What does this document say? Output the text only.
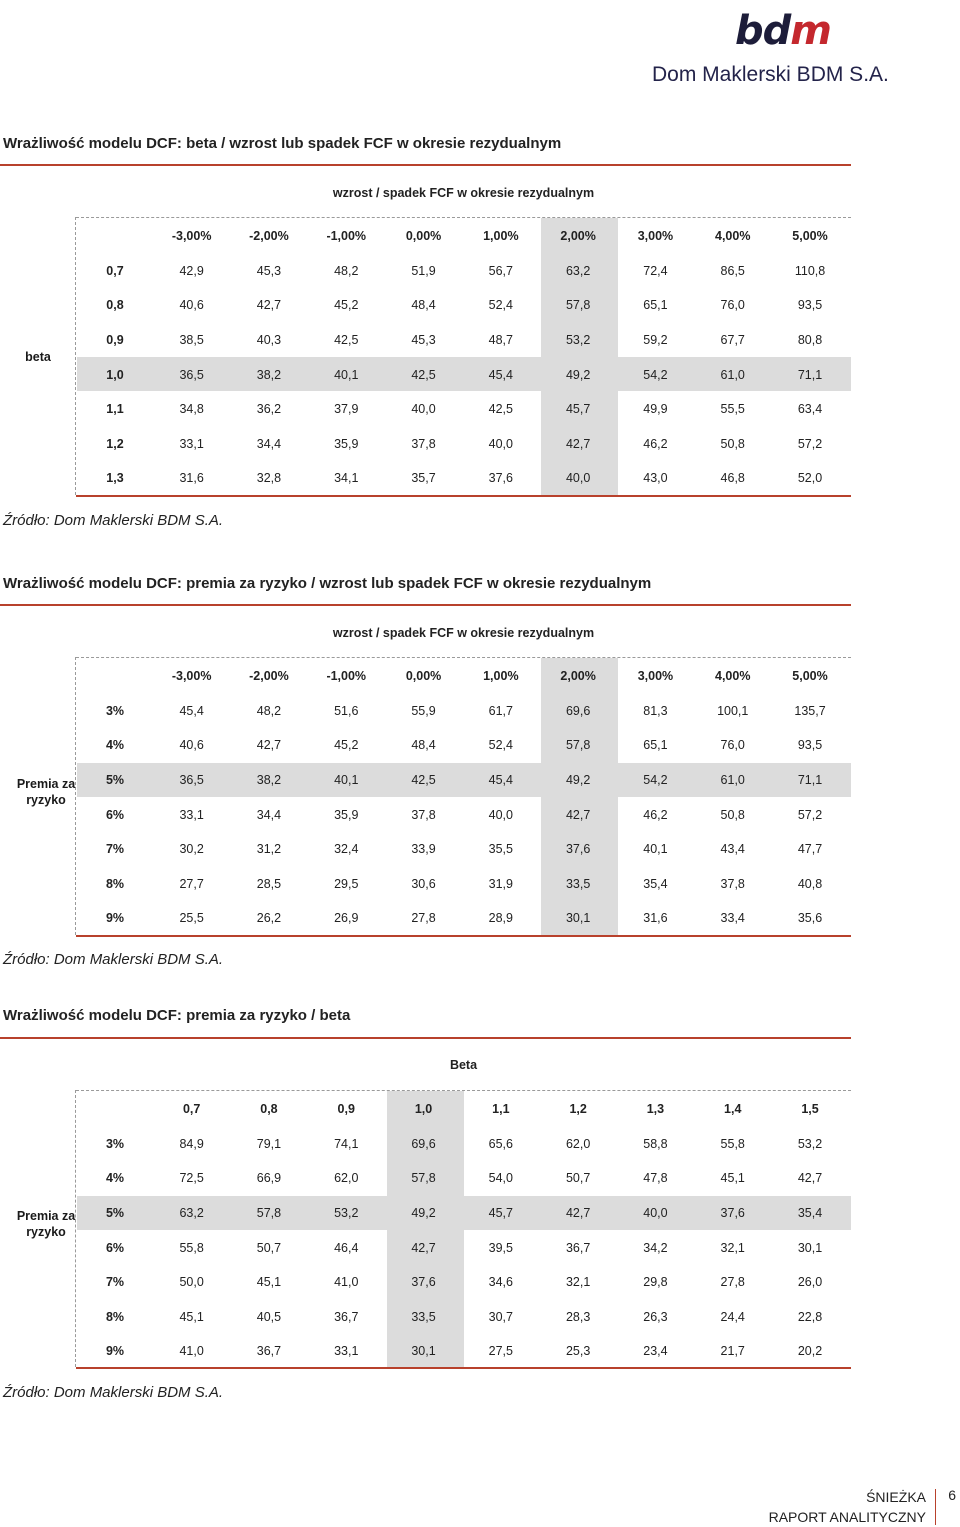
bdm
Dom Maklerski BDM S.A.
Wrażliwość modelu DCF: beta / wzrost lub spadek FCF w okresie rezydualnym
wzrost / spadek FCF w okresie rezydualnym
beta
	-3,00%	-2,00%	-1,00%	0,00%	1,00%	2,00%	3,00%	4,00%	5,00%
0,7	42,9	45,3	48,2	51,9	56,7	63,2	72,4	86,5	110,8
0,8	40,6	42,7	45,2	48,4	52,4	57,8	65,1	76,0	93,5
0,9	38,5	40,3	42,5	45,3	48,7	53,2	59,2	67,7	80,8
1,0	36,5	38,2	40,1	42,5	45,4	49,2	54,2	61,0	71,1
1,1	34,8	36,2	37,9	40,0	42,5	45,7	49,9	55,5	63,4
1,2	33,1	34,4	35,9	37,8	40,0	42,7	46,2	50,8	57,2
1,3	31,6	32,8	34,1	35,7	37,6	40,0	43,0	46,8	52,0
Źródło: Dom Maklerski BDM S.A.
Wrażliwość modelu DCF: premia za ryzyko / wzrost lub spadek FCF w okresie rezydualnym
wzrost / spadek FCF w okresie rezydualnym
Premia za ryzyko
	-3,00%	-2,00%	-1,00%	0,00%	1,00%	2,00%	3,00%	4,00%	5,00%
3%	45,4	48,2	51,6	55,9	61,7	69,6	81,3	100,1	135,7
4%	40,6	42,7	45,2	48,4	52,4	57,8	65,1	76,0	93,5
5%	36,5	38,2	40,1	42,5	45,4	49,2	54,2	61,0	71,1
6%	33,1	34,4	35,9	37,8	40,0	42,7	46,2	50,8	57,2
7%	30,2	31,2	32,4	33,9	35,5	37,6	40,1	43,4	47,7
8%	27,7	28,5	29,5	30,6	31,9	33,5	35,4	37,8	40,8
9%	25,5	26,2	26,9	27,8	28,9	30,1	31,6	33,4	35,6
Źródło: Dom Maklerski BDM S.A.
Wrażliwość modelu DCF: premia za ryzyko / beta
Beta
Premia za ryzyko
	0,7	0,8	0,9	1,0	1,1	1,2	1,3	1,4	1,5
3%	84,9	79,1	74,1	69,6	65,6	62,0	58,8	55,8	53,2
4%	72,5	66,9	62,0	57,8	54,0	50,7	47,8	45,1	42,7
5%	63,2	57,8	53,2	49,2	45,7	42,7	40,0	37,6	35,4
6%	55,8	50,7	46,4	42,7	39,5	36,7	34,2	32,1	30,1
7%	50,0	45,1	41,0	37,6	34,6	32,1	29,8	27,8	26,0
8%	45,1	40,5	36,7	33,5	30,7	28,3	26,3	24,4	22,8
9%	41,0	36,7	33,1	30,1	27,5	25,3	23,4	21,7	20,2
Źródło: Dom Maklerski BDM S.A.
ŚNIEŻKA
RAPORT ANALITYCZNY
6
